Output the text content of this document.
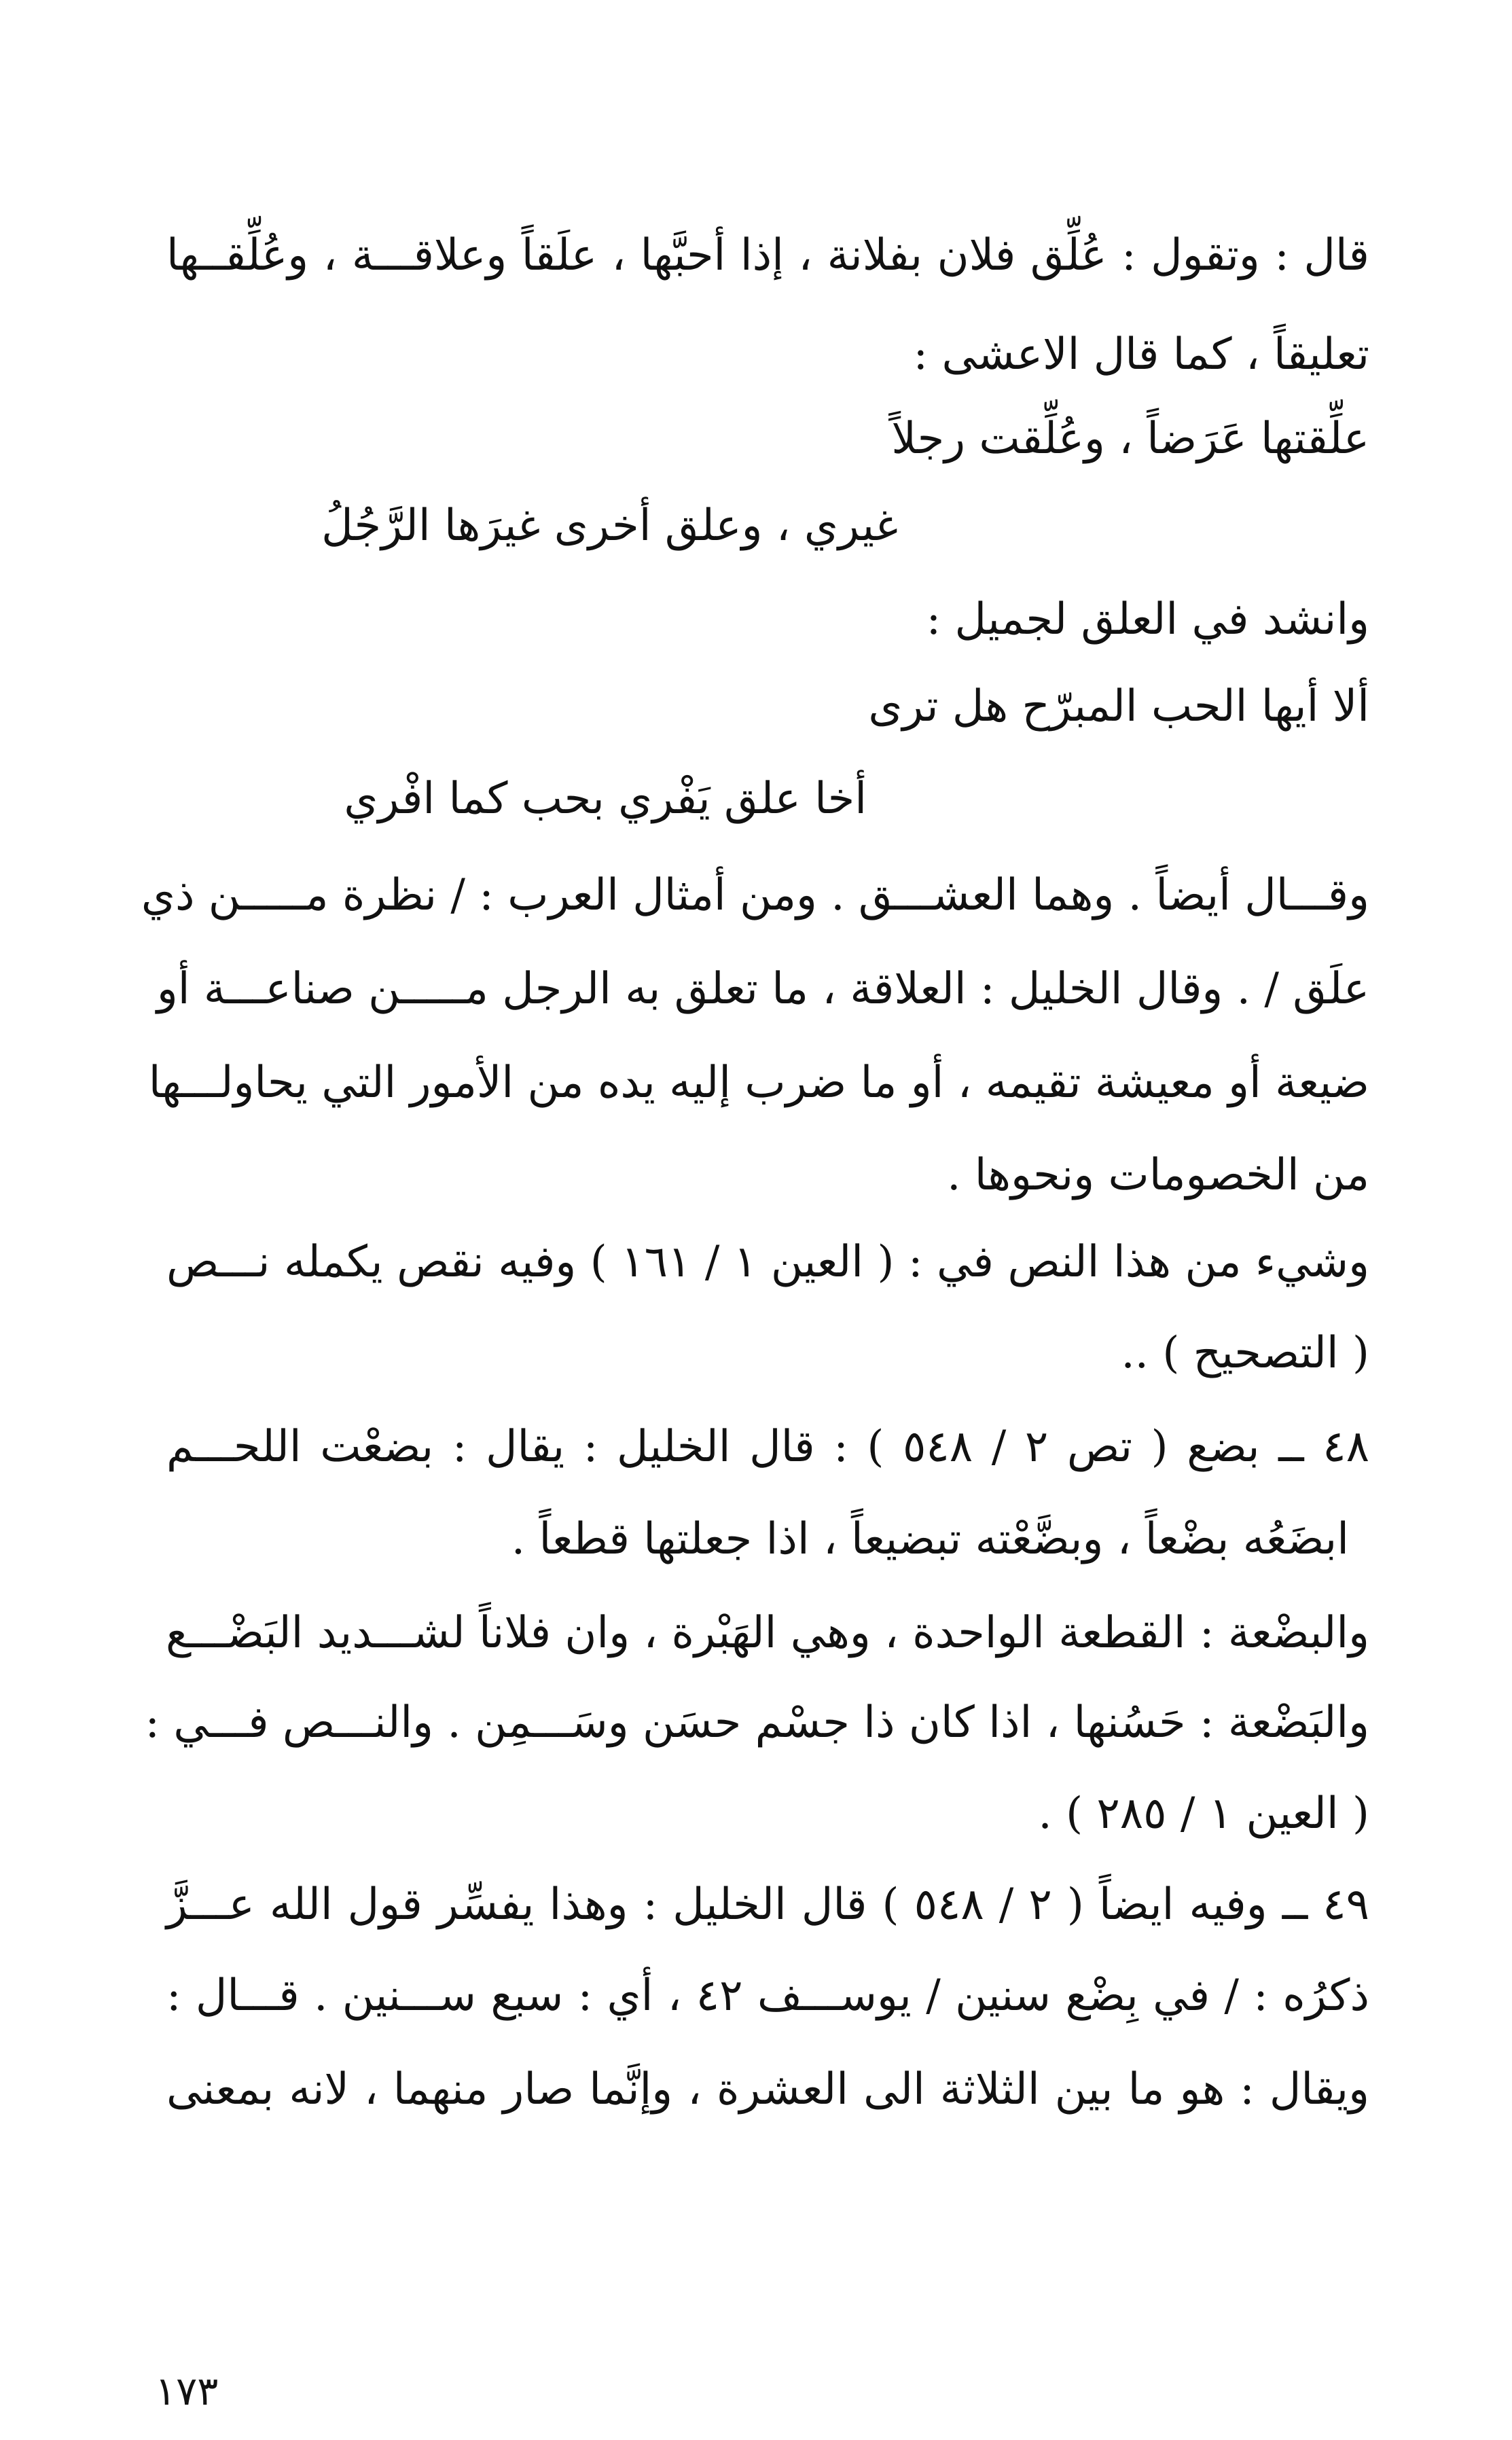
قال : وتقول : عُلِّق فلان بفلانة ، إذا أحبَّها ، علَقاً وعلاقـــة ، وعُلِّقــها
تعليقاً ، كما قال الاعشى :
علِّقتها عَرَضاً ، وعُلِّقت رجلاً
غيري ، وعلق أخرى غيرَها الرَّجُلُ
وانشد في العلق لجميل :
ألا أيها الحب المبرّح هل ترى
أخا علق يَفْري بحب كما افْري
وقـــال أيضاً . وهما العشـــق . ومن أمثال العرب : / نظرة مـــــن ذي
علَق / . وقال الخليل : العلاقة ، ما تعلق به الرجل مـــــن صناعـــة أو
ضيعة أو معيشة تقيمه ، أو ما ضرب إليه يده من الأمور التي يحاولـــها
من الخصومات ونحوها .
وشيء من هذا النص في : ( العين ١ / ١٦١ ) وفيه نقص يكمله نـــص
( التصحيح ) ..
٤٨ ــ بضع ( تص ٢ / ٥٤٨ ) : قال الخليل : يقال : بضعْت اللحـــم
ابضَعُه بضْعاً ، وبضَّعْته تبضيعاً ، اذا جعلتها قطعاً .
والبضْعة : القطعة الواحدة ، وهي الهَبْرة ، وان فلاناً لشـــديد البَضْـــع
والبَضْعة : حَسُنها ، اذا كان ذا جسْم حسَن وسَـــمِن . والنـــص فـــي :
( العين ١ / ٢٨٥ ) .
٤٩ ــ وفيه ايضاً ( ٢ / ٥٤٨ ) قال الخليل : وهذا يفسِّر قول الله عـــزَّ
ذكرُه : / في بِضْع سنين / يوســـف ٤٢ ، أي : سبع ســـنين . قـــال :
ويقال : هو ما بين الثلاثة الى العشرة ، وإنَّما صار منهما ، لانه بمعنى
١٧٣
